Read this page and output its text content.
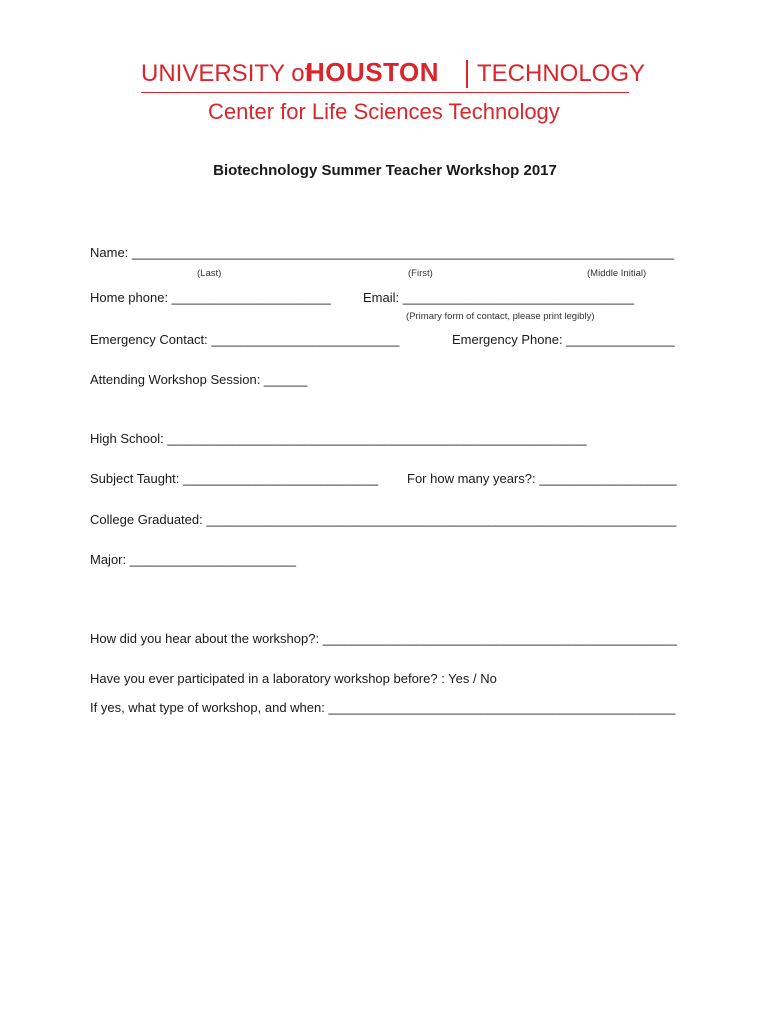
UNIVERSITY of
HOUSTON TECHNOLOGY
Center for Life Sciences Technology
Biotechnology Summer Teacher Workshop 2017
Name: ___________________________________________________________________________
(Last)	(First)	(Middle Initial)
Home phone: ______________________ Email: ________________________________
(Primary form of contact, please print legibly)
Emergency Contact: __________________________	Emergency Phone: _______________
Attending Workshop Session: ______
High School: __________________________________________________________
Subject Taught: ___________________________ For how many years?: ___________________
College Graduated: _________________________________________________________________
Major: _______________________
How did you hear about the workshop?: _________________________________________________
Have you ever participated in a laboratory workshop before? : Yes / No
If yes, what type of workshop, and when: ________________________________________________
